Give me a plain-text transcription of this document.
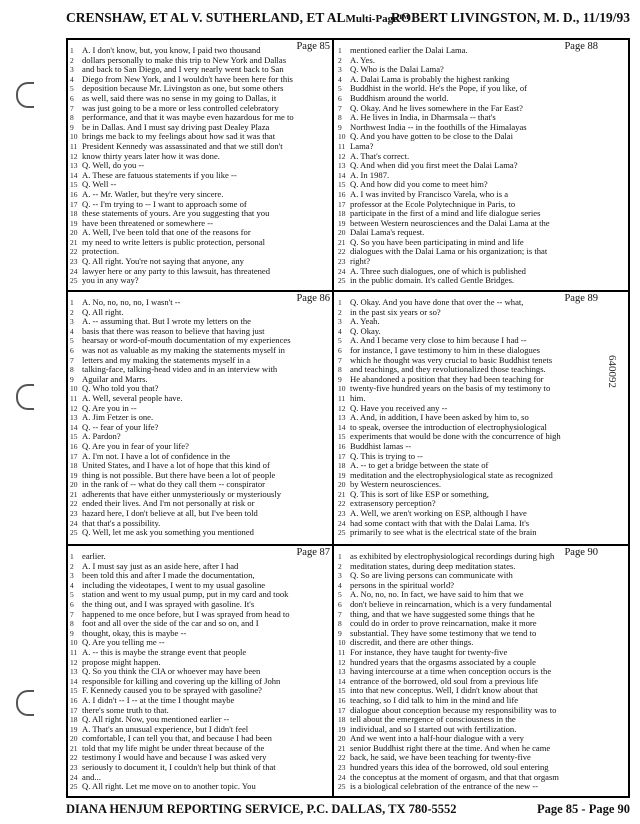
CRENSHAW, ET AL V. SUTHERLAND, ET ALMulti-Page™
ROBERT LIVINGSTON, M. D., 11/19/93
Page 85
1 A. I don't know, but, you know, I paid two thousand
2 dollars personally to make this trip to New York and Dallas
3 and back to San Diego, and I very nearly went back to San
4 Diego from New York, and I wouldn't have been here for this
5 deposition because Mr. Livingston as one, but some others
6 as well, said there was no sense in my going to Dallas, it
7 was just going to be a more or less controlled celebratory
8 performance, and that it was maybe even hazardous for me to
9 be in Dallas. And I must say driving past Dealey Plaza
10 brings me back to my feelings about how sad it was that
11 President Kennedy was assassinated and that we still don't
12 know thirty years later how it was done.
13 Q. Well, do you --
14 A. These are fatuous statements if you like --
15 Q. Well --
16 A. -- Mr. Watler, but they're very sincere.
17 Q. -- I'm trying to -- I want to approach some of
18 these statements of yours. Are you suggesting that you
19 have been threatened or somewhere --
20 A. Well, I've been told that one of the reasons for
21 my need to write letters is public protection, personal
22 protection.
23 Q. All right. You're not saying that anyone, any
24 lawyer here or any party to this lawsuit, has threatened
25 you in any way?
Page 88
1 mentioned earlier the Dalai Lama.
2 A. Yes.
3 Q. Who is the Dalai Lama?
4 A. Dalai Lama is probably the highest ranking
5 Buddhist in the world. He's the Pope, if you like, of
6 Buddhism around the world.
7 Q. Okay. And he lives somewhere in the Far East?
8 A. He lives in India, in Dharmsala -- that's
9 Northwest India -- in the foothills of the Himalayas
10 Q. And you have gotten to be close to the Dalai
11 Lama?
12 A. That's correct.
13 Q. And when did you first meet the Dalai Lama?
14 A. In 1987.
15 Q. And how did you come to meet him?
16 A. I was invited by Francisco Varela, who is a
17 professor at the Ecole Polytechnique in Paris, to
18 participate in the first of a mind and life dialogue series
19 between Western neurosciences and the Dalai Lama at the
20 Dalai Lama's request.
21 Q. So you have been participating in mind and life
22 dialogues with the Dalai Lama or his organization; is that
23 right?
24 A. Three such dialogues, one of which is published
25 in the public domain. It's called Gentle Bridges.
Page 86
1 A. No, no, no, no, I wasn't --
2 Q. All right.
3 A. -- assuming that. But I wrote my letters on the
4 basis that there was reason to believe that having just
5 hearsay or word-of-mouth documentation of my experiences
6 was not as valuable as my making the statements myself in
7 letters and my making the statements myself in a
8 talking-face, talking-head video and in an interview with
9 Aguilar and Marrs.
10 Q. Who told you that?
11 A. Well, several people have.
12 Q. Are you in --
13 A. Jim Fetzer is one.
14 Q. -- fear of your life?
15 A. Pardon?
16 Q. Are you in fear of your life?
17 A. I'm not. I have a lot of confidence in the
18 United States, and I have a lot of hope that this kind of
19 thing is not possible. But there have been a lot of people
20 in the rank of -- what do they call them -- conspirator
21 adherents that have either unmysteriously or mysteriously
22 ended their lives. And I'm not personally at risk or
23 hazard here, I don't believe at all, but I've been told
24 that that's a possibility.
25 Q. Well, let me ask you something you mentioned
Page 89
1 Q. Okay. And you have done that over the -- what,
2 in the past six years or so?
3 A. Yeah.
4 Q. Okay.
5 A. And I became very close to him because I had --
6 for instance, I gave testimony to him in these dialogues
7 which he thought was very crucial to basic Buddhist tenets
8 and teachings, and they revolutionalized those teachings.
9 He abandoned a position that they had been teaching for
10 twenty-five hundred years on the basis of my testimony to
11 him.
12 Q. Have you received any --
13 A. And, in addition, I have been asked by him to, so
14 to speak, oversee the introduction of electrophysiological
15 experiments that would be done with the concurrence of high
16 Buddhist lamas --
17 Q. This is trying to --
18 A. -- to get a bridge between the state of
19 meditation and the electrophysiological state as recognized
20 by Western neurosciences.
21 Q. This is sort of like ESP or something,
22 extrasensory perception?
23 A. Well, we aren't working on ESP, although I have
24 had some contact with that with the Dalai Lama. It's
25 primarily to see what is the electrical state of the brain
Page 87
1 earlier.
2 A. I must say just as an aside here, after I had
3 been told this and after I made the documentation,
4 including the videotapes, I went to my usual gasoline
5 station and went to my usual pump, put in my card and took
6 the thing out, and I was sprayed with gasoline. It's
7 happened to me once before, but I was sprayed from head to
8 foot and all over the side of the car and so on, and I
9 thought, okay, this is maybe --
10 Q. Are you telling me --
11 A. -- this is maybe the strange event that people
12 propose might happen.
13 Q. So you think the CIA or whoever may have been
14 responsible for killing and covering up the killing of John
15 F. Kennedy caused you to be sprayed with gasoline?
16 A. I didn't -- I -- at the time I thought maybe
17 there's some truth to that.
18 Q. All right. Now, you mentioned earlier --
19 A. That's an unusual experience, but I didn't feel
20 comfortable, I can tell you that, and because I had been
21 told that my life might be under threat because of the
22 testimony I would have and because I was asked very
23 seriously to document it, I couldn't help but think of that
24 and...
25 Q. All right. Let me move on to another topic. You
Page 90
1 as exhibited by electrophysiological recordings during high
2 meditation states, during deep meditation states.
3 Q. So are living persons can communicate with
4 persons in the spiritual world?
5 A. No, no, no. In fact, we have said to him that we
6 don't believe in reincarnation, which is a very fundamental
7 thing, and that we have suggested some things that he
8 could do in order to prove reincarnation, make it more
9 substantial. They have some testimony that we tend to
10 discredit, and there are other things.
11 For instance, they have taught for twenty-five
12 hundred years that the orgasms associated by a couple
13 having intercourse at a time when conception occurs is the
14 entrance of the borrowed, old soul from a previous life
15 into that new conceptus. Well, I didn't know about that
16 teaching, so I did talk to him in the mind and life
17 dialogue about conception because my responsibility was to
18 tell about the emergence of consciousness in the
19 individual, and so I started out with fertilization.
20 And we went into a half-hour dialogue with a very
21 senior Buddhist right there at the time. And when he came
22 back, he said, we have been teaching for twenty-five
23 hundred years this idea of the borrowed, old soul entering
24 the conceptus at the moment of orgasm, and that that orgasm
25 is a biological celebration of the entrance of the new --
640092
DIANA HENJUM REPORTING SERVICE, P.C. DALLAS, TX 780-5552	Page 85 - Page 90
